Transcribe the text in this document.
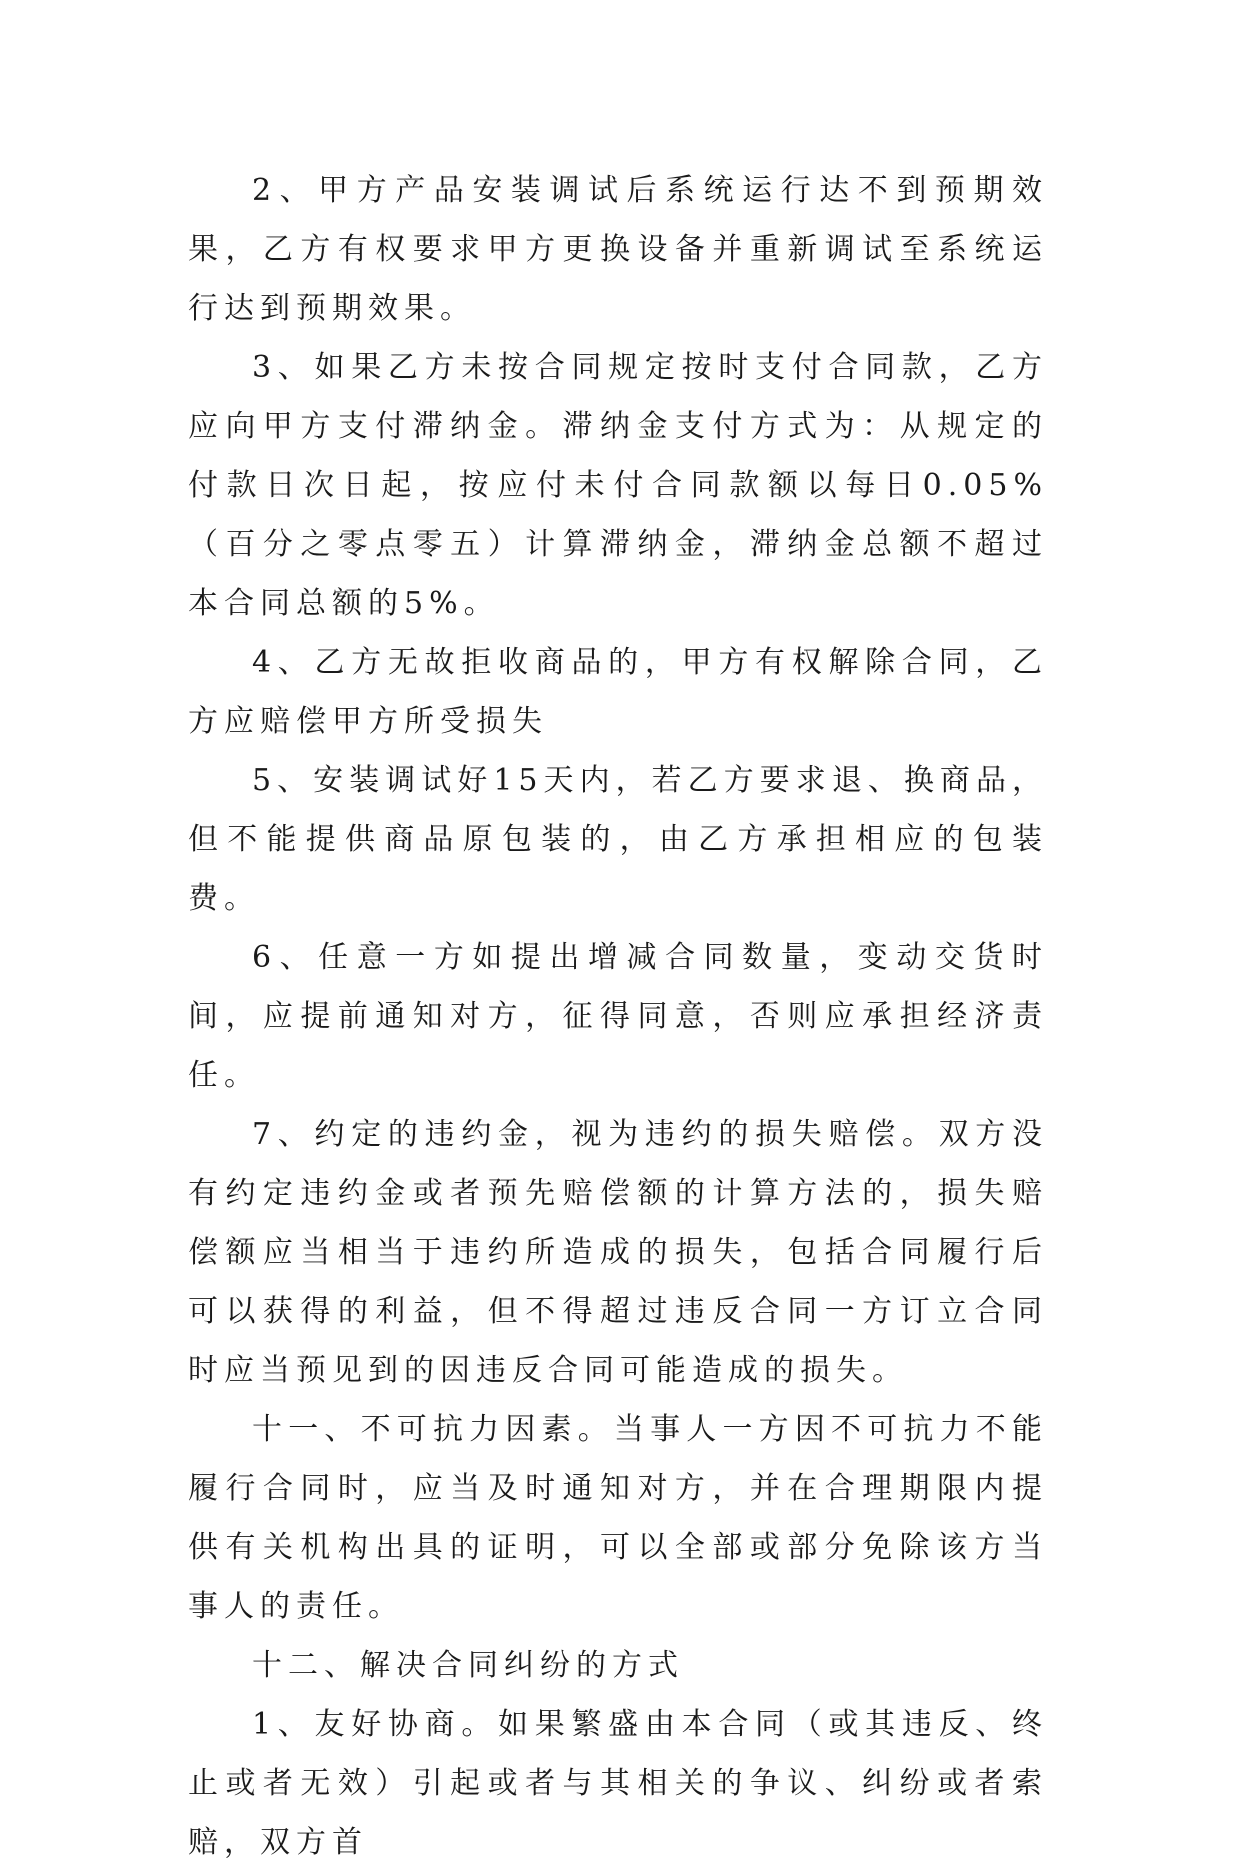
2、甲方产品安装调试后系统运行达不到预期效果，乙方有权要求甲方更换设备并重新调试至系统运行达到预期效果。

3、如果乙方未按合同规定按时支付合同款，乙方应向甲方支付滞纳金。滞纳金支付方式为：从规定的付款日次日起，按应付未付合同款额以每日0.05%（百分之零点零五）计算滞纳金，滞纳金总额不超过本合同总额的5%。

4、乙方无故拒收商品的，甲方有权解除合同，乙方应赔偿甲方所受损失

5、安装调试好15天内，若乙方要求退、换商品，但不能提供商品原包装的，由乙方承担相应的包装费。

6、任意一方如提出增减合同数量，变动交货时间，应提前通知对方，征得同意，否则应承担经济责任。

7、约定的违约金，视为违约的损失赔偿。双方没有约定违约金或者预先赔偿额的计算方法的，损失赔偿额应当相当于违约所造成的损失，包括合同履行后可以获得的利益，但不得超过违反合同一方订立合同时应当预见到的因违反合同可能造成的损失。

十一、不可抗力因素。当事人一方因不可抗力不能履行合同时，应当及时通知对方，并在合理期限内提供有关机构出具的证明，可以全部或部分免除该方当事人的责任。

十二、解决合同纠纷的方式

1、友好协商。如果繁盛由本合同（或其违反、终止或者无效）引起或者与其相关的争议、纠纷或者索赔，双方首
